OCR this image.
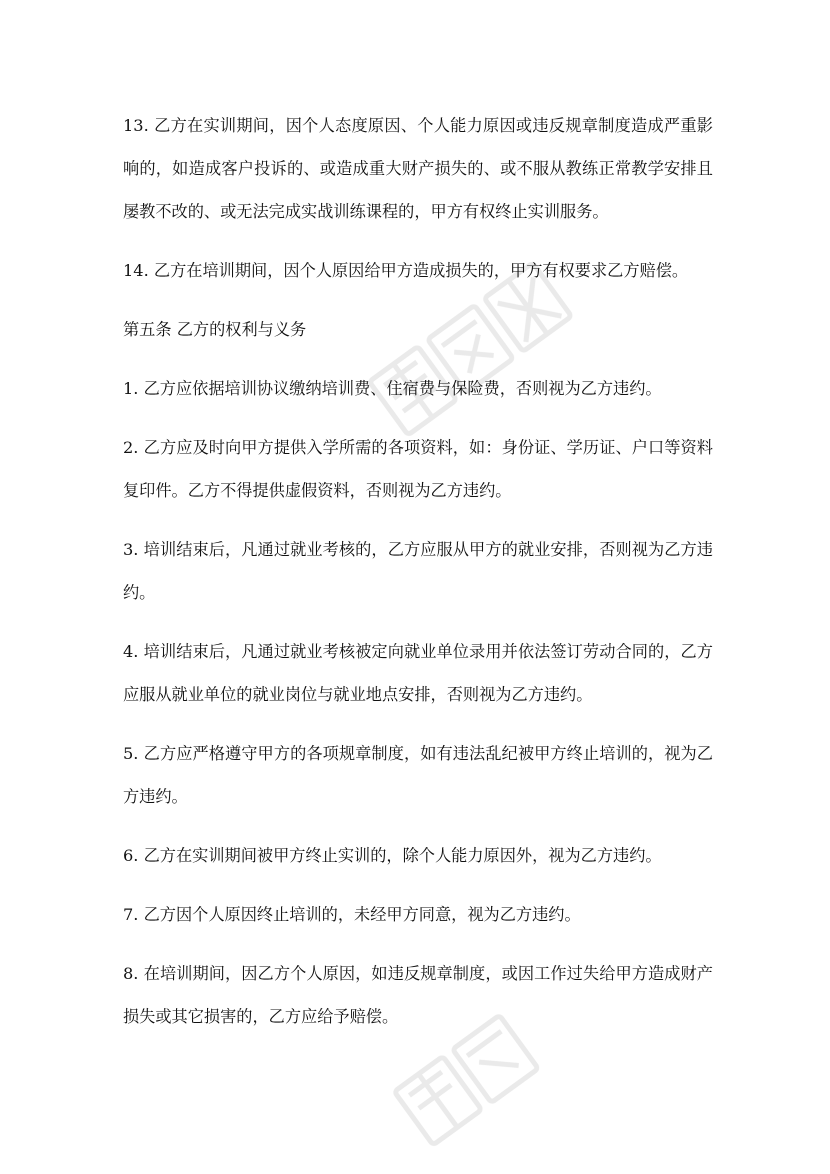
13. 乙方在实训期间，因个人态度原因、个人能力原因或违反规章制度造成严重影响的，如造成客户投诉的、或造成重大财产损失的、或不服从教练正常教学安排且屡教不改的、或无法完成实战训练课程的，甲方有权终止实训服务。

14. 乙方在培训期间，因个人原因给甲方造成损失的，甲方有权要求乙方赔偿。

第五条 乙方的权利与义务

1. 乙方应依据培训协议缴纳培训费、住宿费与保险费，否则视为乙方违约。

2. 乙方应及时向甲方提供入学所需的各项资料，如：身份证、学历证、户口等资料复印件。乙方不得提供虚假资料，否则视为乙方违约。

3. 培训结束后，凡通过就业考核的，乙方应服从甲方的就业安排，否则视为乙方违约。

4. 培训结束后，凡通过就业考核被定向就业单位录用并依法签订劳动合同的，乙方应服从就业单位的就业岗位与就业地点安排，否则视为乙方违约。

5. 乙方应严格遵守甲方的各项规章制度，如有违法乱纪被甲方终止培训的，视为乙方违约。

6. 乙方在实训期间被甲方终止实训的，除个人能力原因外，视为乙方违约。

7. 乙方因个人原因终止培训的，未经甲方同意，视为乙方违约。

8. 在培训期间，因乙方个人原因，如违反规章制度，或因工作过失给甲方造成财产损失或其它损害的，乙方应给予赔偿。
